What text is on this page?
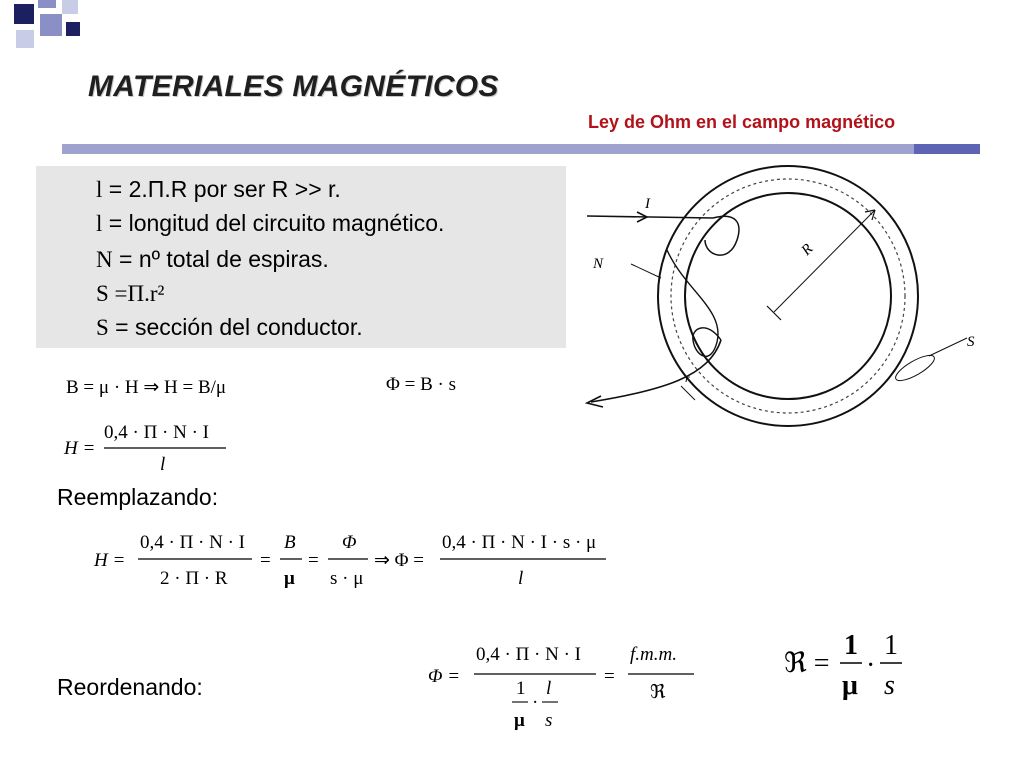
MATERIALES MAGNÉTICOS
Ley de Ohm en el campo magnético
l = 2.Π.R por ser R >> r.
l = longitud del circuito magnético.
N = nº total de espiras.
S =Π.r²
S = sección del conductor.
B = μ · H ⇒ H = B/μ	Φ = B · s
H =
0,4 · Π · N · I
l
Reemplazando:
H =
0,4 · Π · N · I
2 · Π · R
=
B
μ
=
Φ
s · μ
⇒ Φ =
0,4 · Π · N · I · s · μ
l
Reordenando:	Φ =
0,4 · Π · N · I
1
μ
·
l
s
=
f.m.m.
ℜ
ℜ =
1
μ
·
1
s
I
N
R
S
r
